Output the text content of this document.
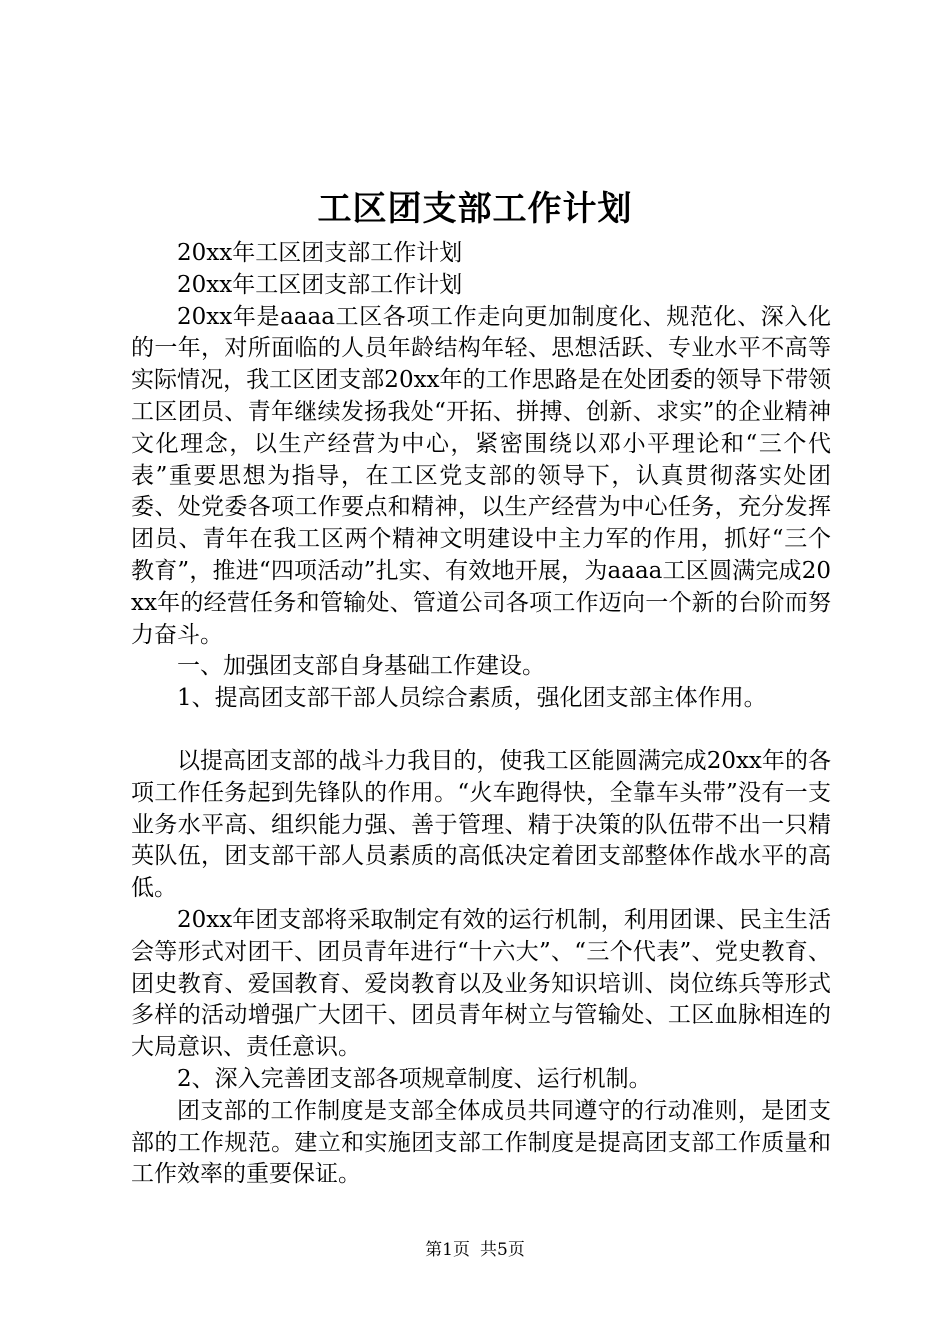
工区团支部工作计划

20xx年工区团支部工作计划

20xx年工区团支部工作计划

20xx年是aaaa工区各项工作走向更加制度化、规范化、深入化的一年，对所面临的人员年龄结构年轻、思想活跃、专业水平不高等实际情况，我工区团支部20xx年的工作思路是在处团委的领导下带领工区团员、青年继续发扬我处“开拓、拼搏、创新、求实”的企业精神文化理念，以生产经营为中心，紧密围绕以邓小平理论和“三个代表”重要思想为指导，在工区党支部的领导下，认真贯彻落实处团委、处党委各项工作要点和精神，以生产经营为中心任务，充分发挥团员、青年在我工区两个精神文明建设中主力军的作用，抓好“三个教育”，推进“四项活动”扎实、有效地开展，为aaaa工区圆满完成20xx年的经营任务和管输处、管道公司各项工作迈向一个新的台阶而努力奋斗。

一、加强团支部自身基础工作建设。

1、提高团支部干部人员综合素质，强化团支部主体作用。

以提高团支部的战斗力我目的，使我工区能圆满完成20xx年的各项工作任务起到先锋队的作用。“火车跑得快，全靠车头带”没有一支业务水平高、组织能力强、善于管理、精于决策的队伍带不出一只精英队伍，团支部干部人员素质的高低决定着团支部整体作战水平的高低。

20xx年团支部将采取制定有效的运行机制，利用团课、民主生活会等形式对团干、团员青年进行“十六大”、“三个代表”、党史教育、团史教育、爱国教育、爱岗教育以及业务知识培训、岗位练兵等形式多样的活动增强广大团干、团员青年树立与管输处、工区血脉相连的大局意识、责任意识。

2、深入完善团支部各项规章制度、运行机制。

团支部的工作制度是支部全体成员共同遵守的行动准则，是团支部的工作规范。建立和实施团支部工作制度是提高团支部工作质量和工作效率的重要保证。

第1页 共5页
